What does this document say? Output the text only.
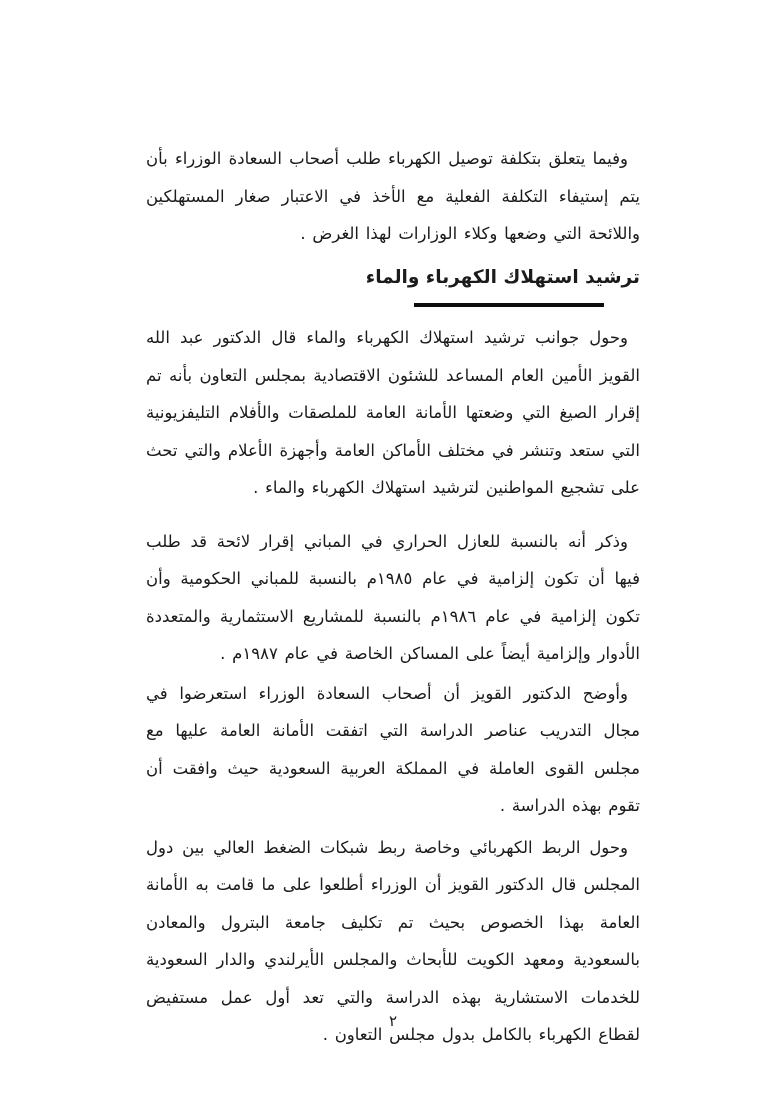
وفيما يتعلق بتكلفة توصيل الكهرباء طلب أصحاب السعادة الوزراء بأن يتم إستيفاء التكلفة الفعلية مع الأخذ في الاعتبار صغار المستهلكين واللائحة التي وضعها وكلاء الوزارات لهذا الغرض .

ترشيد استهلاك الكهرباء والماء

وحول جوانب ترشيد استهلاك الكهرباء والماء قال الدكتور عبد الله القويز الأمين العام المساعد للشئون الاقتصادية بمجلس التعاون بأنه تم إقرار الصيغ التي وضعتها الأمانة العامة للملصقات والأفلام التليفزيونية التي ستعد وتنشر في مختلف الأماكن العامة وأجهزة الأعلام والتي تحث على تشجيع المواطنين لترشيد استهلاك الكهرباء والماء .

وذكر أنه بالنسبة للعازل الحراري في المباني إقرار لائحة قد طلب فيها أن تكون إلزامية في عام ١٩٨٥م بالنسبة للمباني الحكومية وأن تكون إلزامية في عام ١٩٨٦م بالنسبة للمشاريع الاستثمارية والمتعددة الأدوار وإلزامية أيضاً على المساكن الخاصة في عام ١٩٨٧م .

وأوضح الدكتور القويز أن أصحاب السعادة الوزراء استعرضوا في مجال التدريب عناصر الدراسة التي اتفقت الأمانة العامة عليها مع مجلس القوى العاملة في المملكة العربية السعودية حيث وافقت أن تقوم بهذه الدراسة .

وحول الربط الكهربائي وخاصة ربط شبكات الضغط العالي بين دول المجلس قال الدكتور القويز أن الوزراء أطلعوا على ما قامت به الأمانة العامة بهذا الخصوص بحيث تم تكليف جامعة البترول والمعادن بالسعودية ومعهد الكويت للأبحاث والمجلس الأيرلندي والدار السعودية للخدمات الاستشارية بهذه الدراسة والتي تعد أول عمل مستفيض لقطاع الكهرباء بالكامل بدول مجلس التعاون .

٢
